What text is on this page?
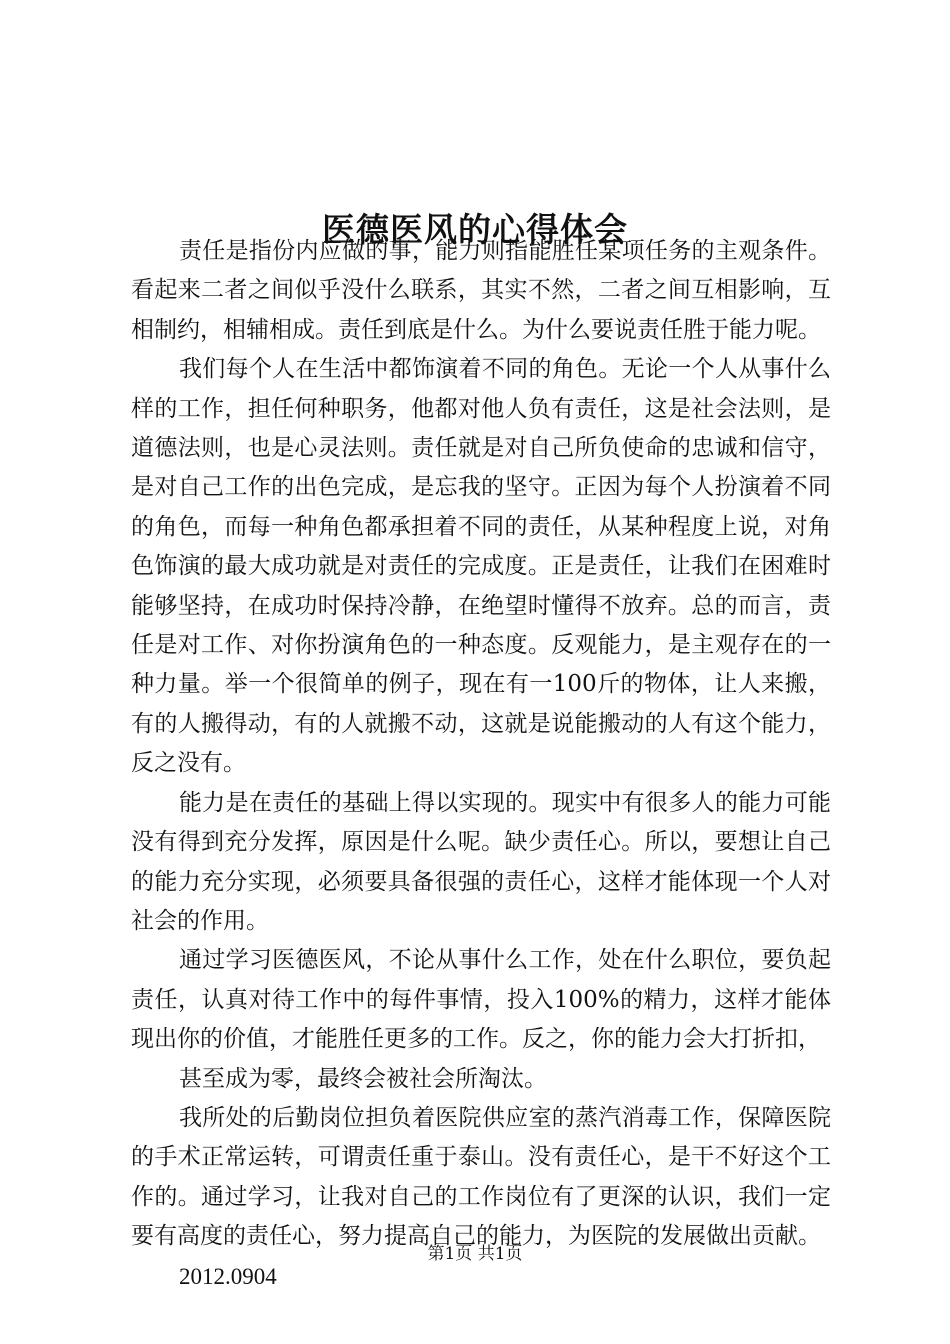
医德医风的心得体会

责任是指份内应做的事，能力则指能胜任某项任务的主观条件。看起来二者之间似乎没什么联系，其实不然，二者之间互相影响，互相制约，相辅相成。责任到底是什么。为什么要说责任胜于能力呢。

我们每个人在生活中都饰演着不同的角色。无论一个人从事什么样的工作，担任何种职务，他都对他人负有责任，这是社会法则，是道德法则，也是心灵法则。责任就是对自己所负使命的忠诚和信守，是对自己工作的出色完成，是忘我的坚守。正因为每个人扮演着不同的角色，而每一种角色都承担着不同的责任，从某种程度上说，对角色饰演的最大成功就是对责任的完成度。正是责任，让我们在困难时能够坚持，在成功时保持冷静，在绝望时懂得不放弃。总的而言，责任是对工作、对你扮演角色的一种态度。反观能力，是主观存在的一种力量。举一个很简单的例子，现在有一100斤的物体，让人来搬，有的人搬得动，有的人就搬不动，这就是说能搬动的人有这个能力，反之没有。

能力是在责任的基础上得以实现的。现实中有很多人的能力可能没有得到充分发挥，原因是什么呢。缺少责任心。所以，要想让自己的能力充分实现，必须要具备很强的责任心，这样才能体现一个人对社会的作用。

通过学习医德医风，不论从事什么工作，处在什么职位，要负起责任，认真对待工作中的每件事情，投入100%的精力，这样才能体现出你的价值，才能胜任更多的工作。反之，你的能力会大打折扣，

甚至成为零，最终会被社会所淘汰。

我所处的后勤岗位担负着医院供应室的蒸汽消毒工作，保障医院的手术正常运转，可谓责任重于泰山。没有责任心，是干不好这个工作的。通过学习，让我对自己的工作岗位有了更深的认识，我们一定要有高度的责任心，努力提高自己的能力，为医院的发展做出贡献。

2012.0904

第1页 共1页
